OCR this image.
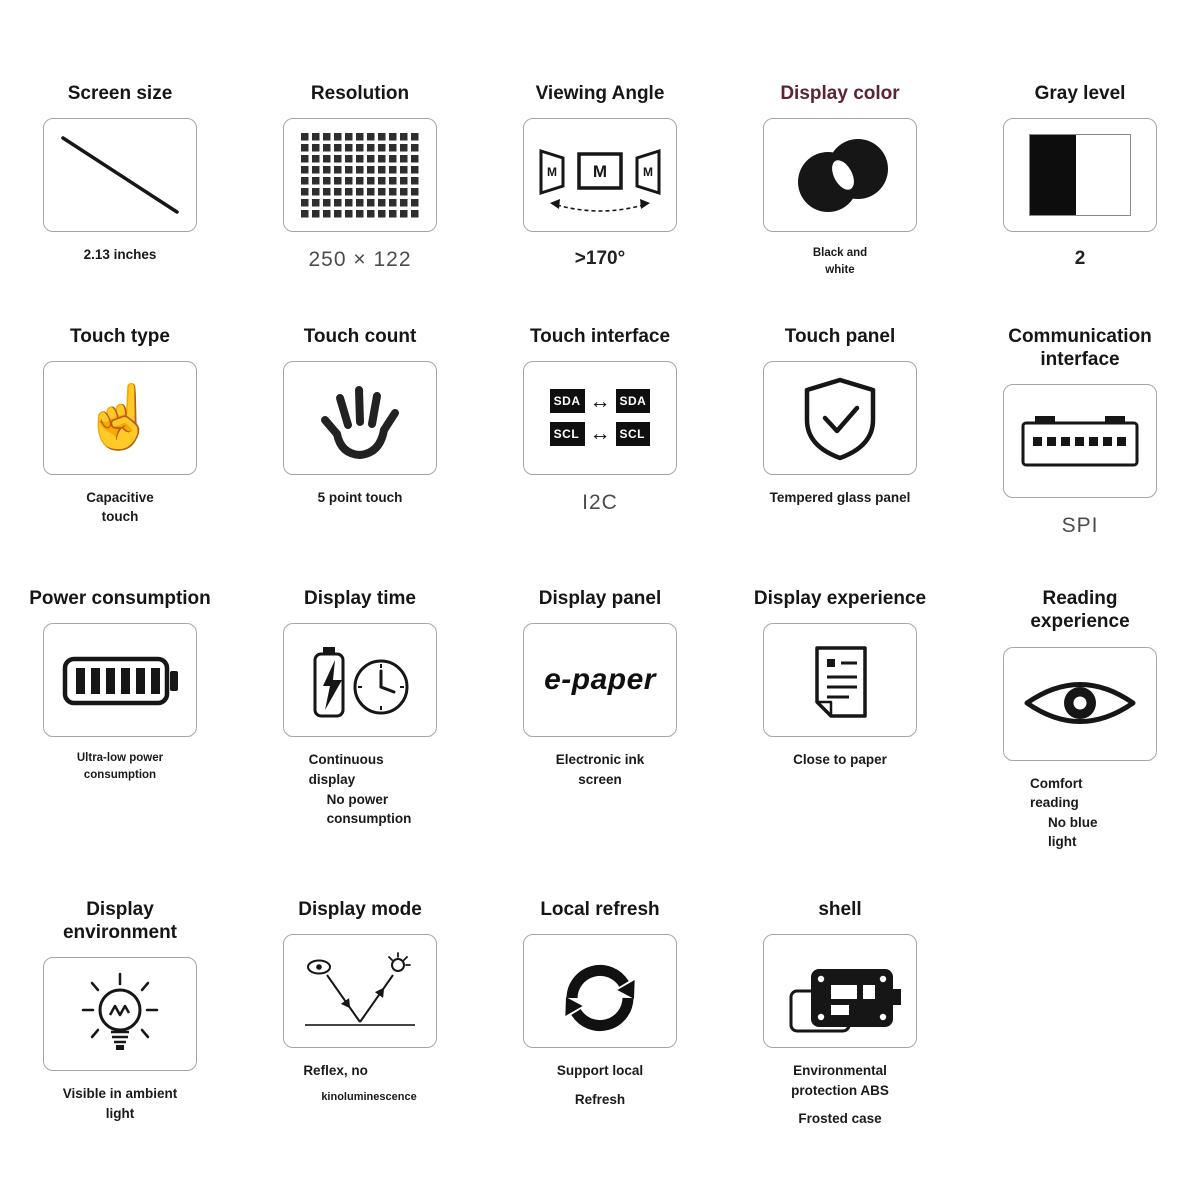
Screen size
2.13 inches
Resolution
250 × 122
Viewing Angle
M M	M
>170°
Display color
Black and
white
Gray level
2
Touch type
☝
Capacitive
touch
Touch count
5 point touch
Touch interface
SDA
SCL
↔
↔
SDA
SCL
I2C
Touch panel
Tempered glass panel
Communication interface
SPI
Power consumption
Ultra-low power
consumption
Display time
Continuous
display
No power
consumption
Display panel
e-paper
Electronic ink
screen
Display experience
Close to paper
Reading experience
Comfort
reading
No blue
light
Display environment
Visible in ambient
light
Display mode
Reflex, no
kinoluminescence
Local refresh
Support local
Refresh
shell
Environmental
protection ABS
Frosted case
